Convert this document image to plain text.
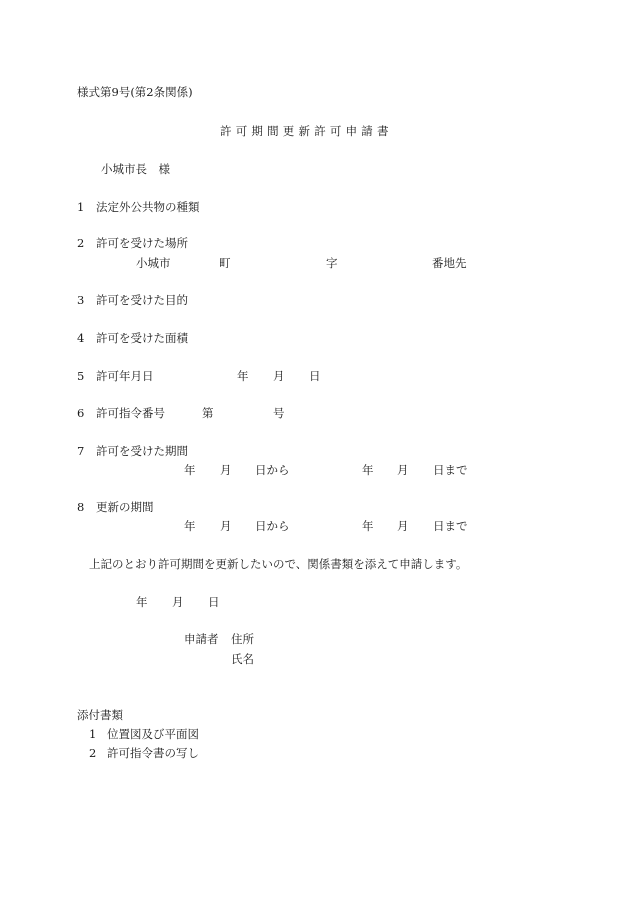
様式第9号(第2条関係)
許可期間更新許可申請書
小城市長　様
1 法定外公共物の種類
2 許可を受けた場所
小城市	町	字	番地先
3 許可を受けた目的
4 許可を受けた面積
5 許可年月日	年 月 日
6 許可指令番号	第	号
7 許可を受けた期間
年 月 日から	年 月 日まで
8 更新の期間
年 月 日から	年 月 日まで
上記のとおり許可期間を更新したいので、関係書類を添えて申請します。
年 月 日
申請者 住所
氏名
添付書類
1 位置図及び平面図
2 許可指令書の写し
